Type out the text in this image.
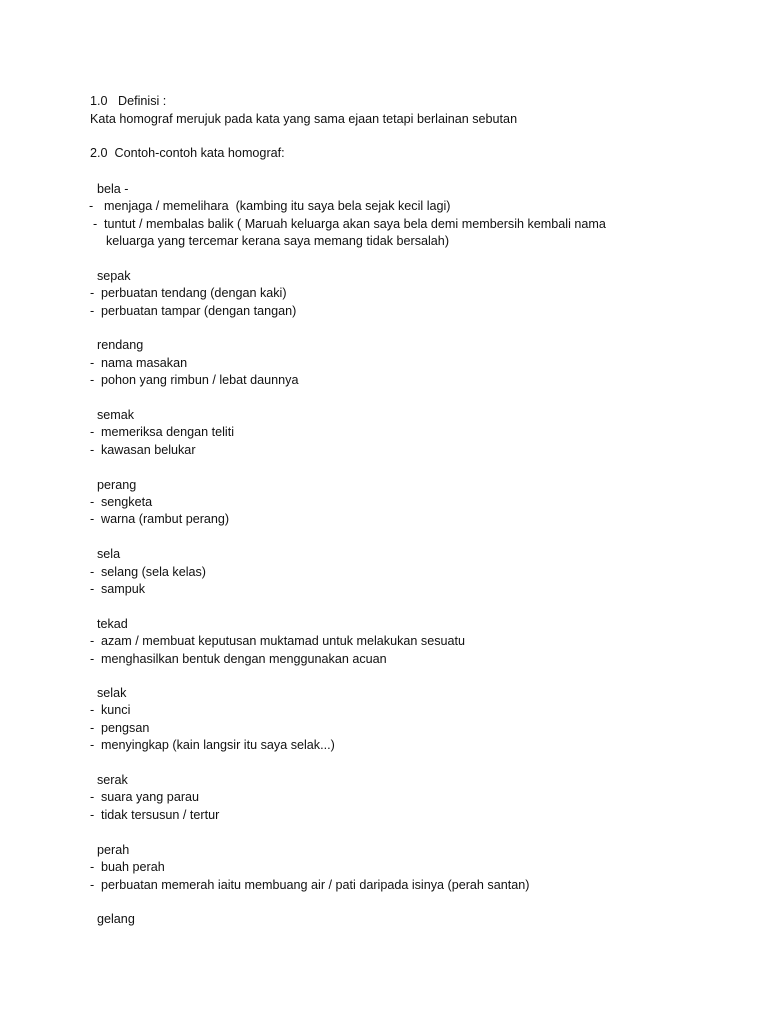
1.0 Definisi :
Kata homograf merujuk pada kata yang sama ejaan tetapi berlainan sebutan
2.0 Contoh-contoh kata homograf:
bela -
- menjaga / memelihara  (kambing itu saya bela sejak kecil lagi)
- tuntut / membalas balik ( Maruah keluarga akan saya bela demi membersih kembali nama
keluarga yang tercemar kerana saya memang tidak bersalah)
sepak
- perbuatan tendang (dengan kaki)
- perbuatan tampar (dengan tangan)
rendang
- nama masakan
- pohon yang rimbun / lebat daunnya
semak
- memeriksa dengan teliti
- kawasan belukar
perang
- sengketa
- warna (rambut perang)
sela
- selang (sela kelas)
- sampuk
tekad
- azam / membuat keputusan muktamad untuk melakukan sesuatu
- menghasilkan bentuk dengan menggunakan acuan
selak
- kunci
- pengsan
- menyingkap (kain langsir itu saya selak...)
serak
- suara yang parau
- tidak tersusun / tertur
perah
- buah perah
- perbuatan memerah iaitu membuang air / pati daripada isinya (perah santan)
gelang
